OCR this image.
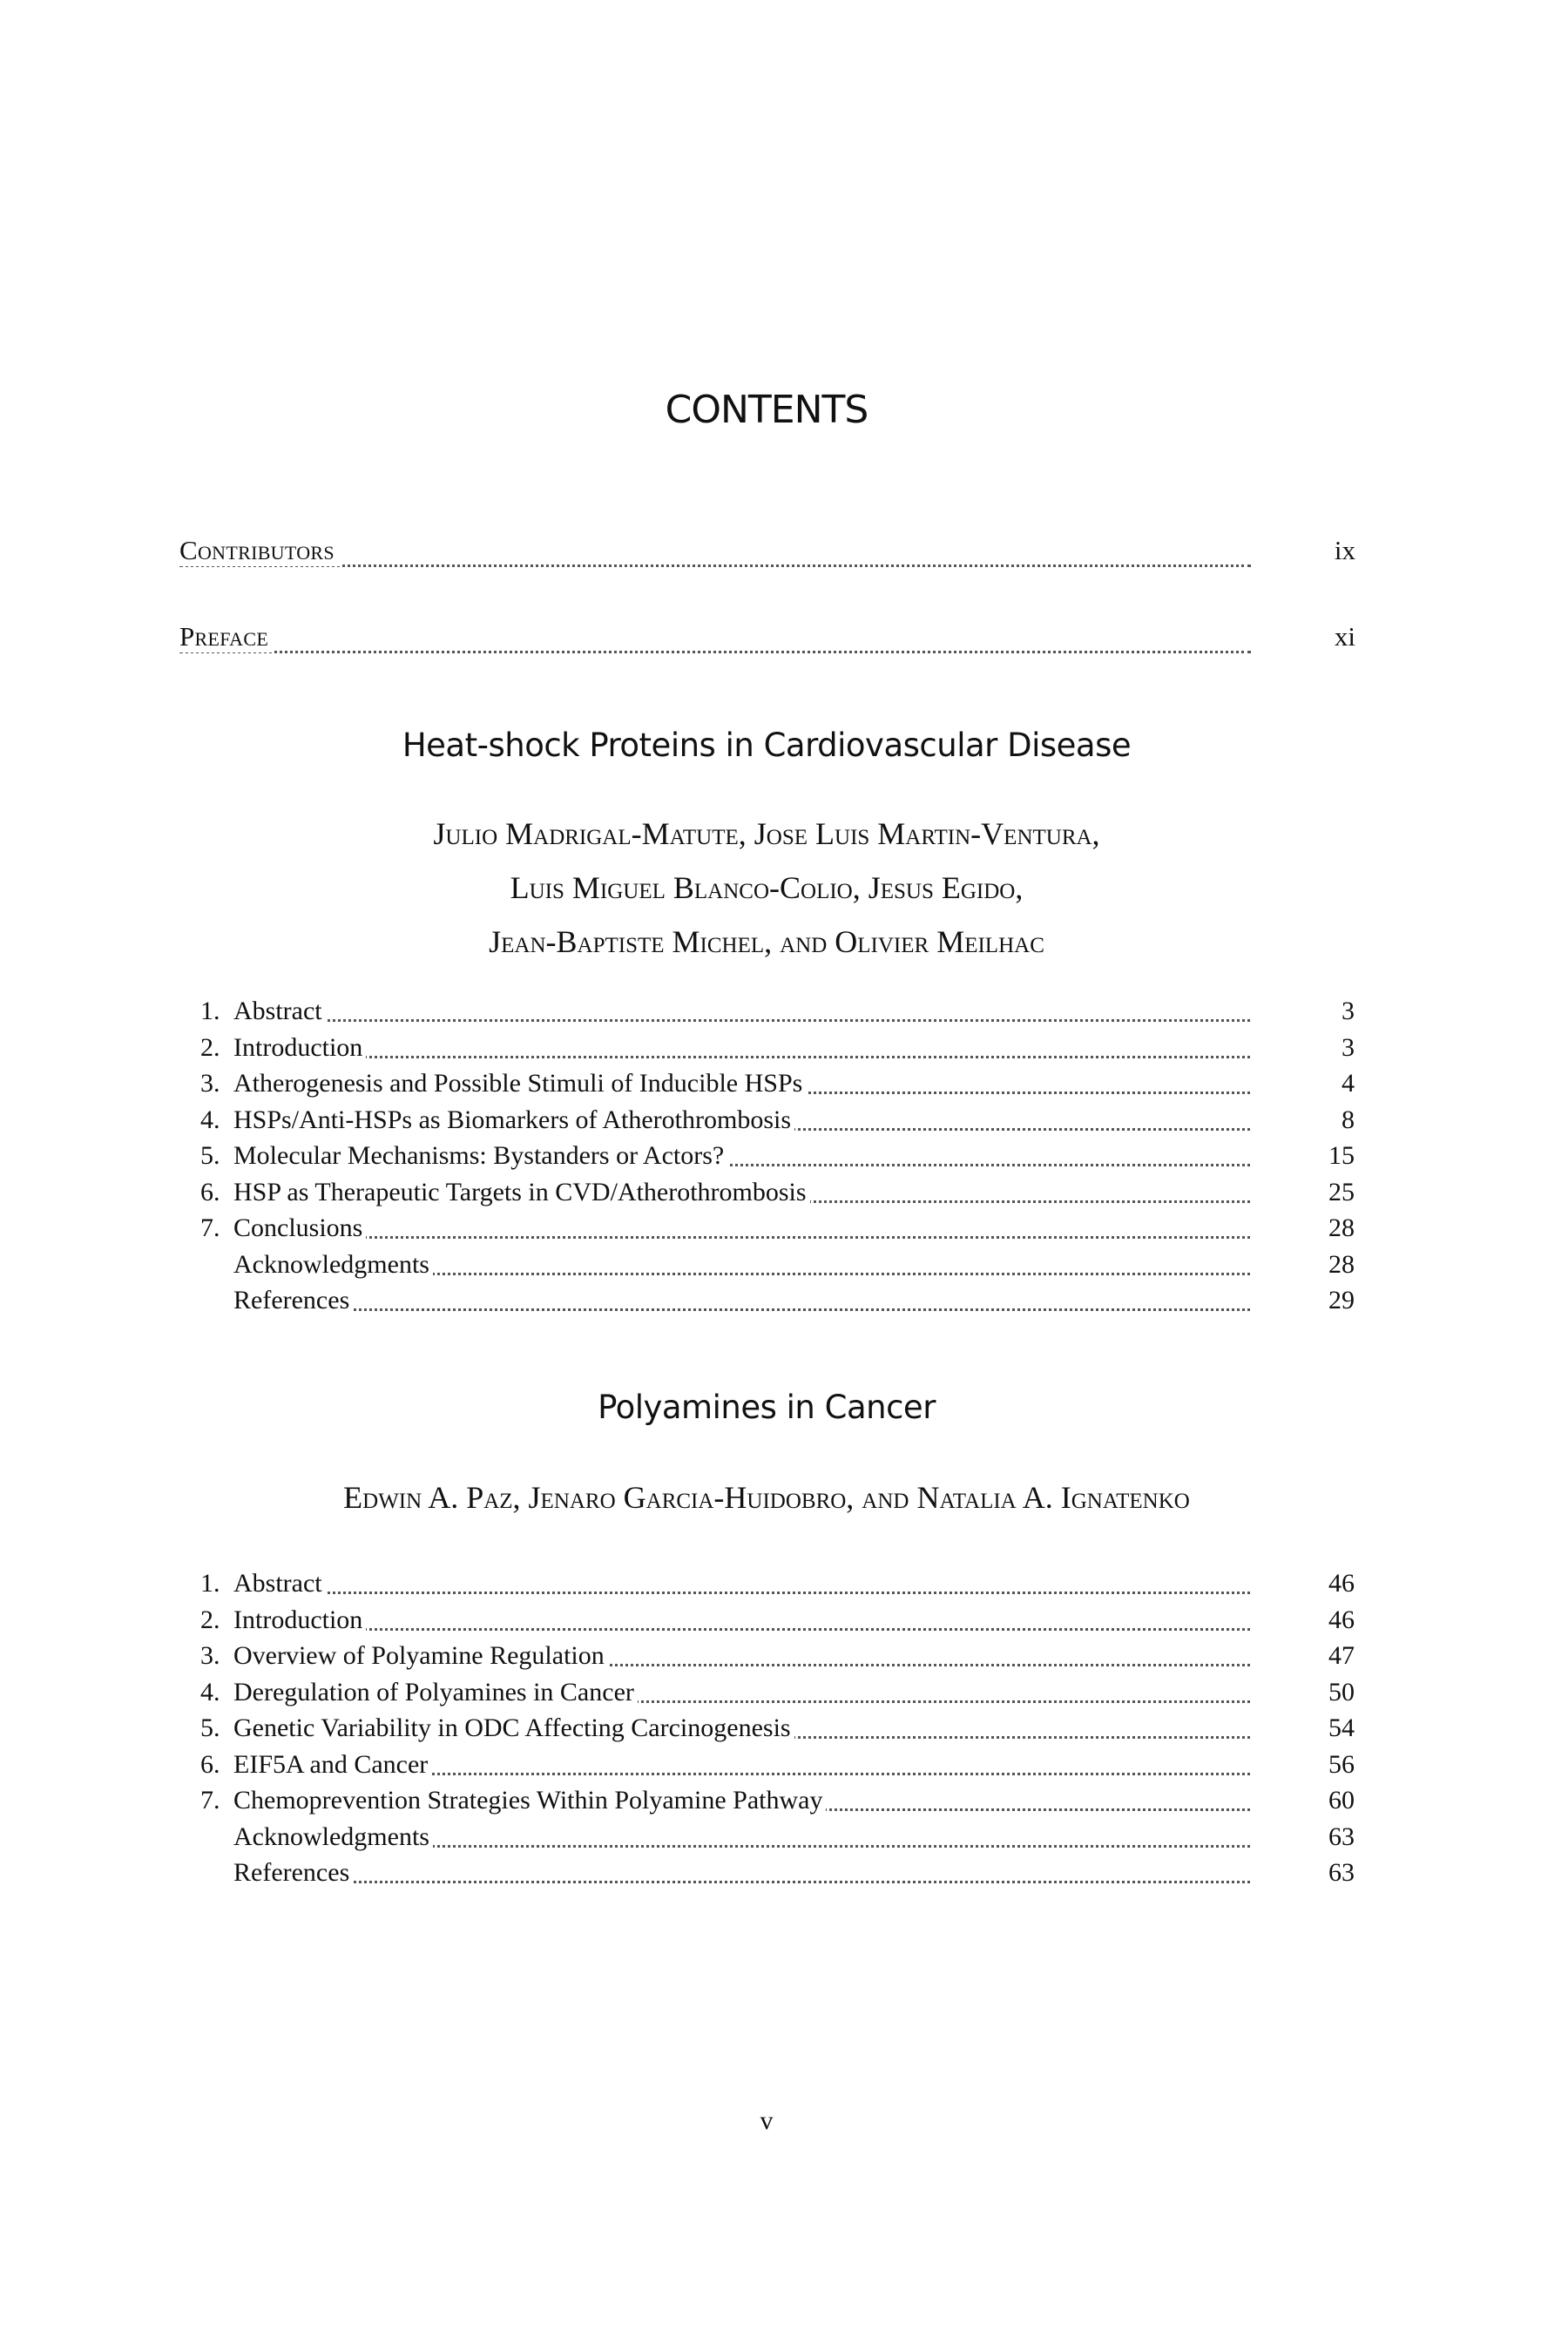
CONTENTS
Contributors	ix
Preface	xi
Heat-shock Proteins in Cardiovascular Disease
Julio Madrigal-Matute, Jose Luis Martin-Ventura,
Luis Miguel Blanco-Colio, Jesus Egido,
Jean-Baptiste Michel, and Olivier Meilhac
1. Abstract	3
2. Introduction	3
3. Atherogenesis and Possible Stimuli of Inducible HSPs	4
4. HSPs/Anti-HSPs as Biomarkers of Atherothrombosis	8
5. Molecular Mechanisms: Bystanders or Actors?	15
6. HSP as Therapeutic Targets in CVD/Atherothrombosis	25
7. Conclusions	28
Acknowledgments	28
References	29
Polyamines in Cancer
Edwin A. Paz, Jenaro Garcia-Huidobro, and Natalia A. Ignatenko
1. Abstract	46
2. Introduction	46
3. Overview of Polyamine Regulation	47
4. Deregulation of Polyamines in Cancer	50
5. Genetic Variability in ODC Affecting Carcinogenesis	54
6. EIF5A and Cancer	56
7. Chemoprevention Strategies Within Polyamine Pathway	60
Acknowledgments	63
References	63
v
